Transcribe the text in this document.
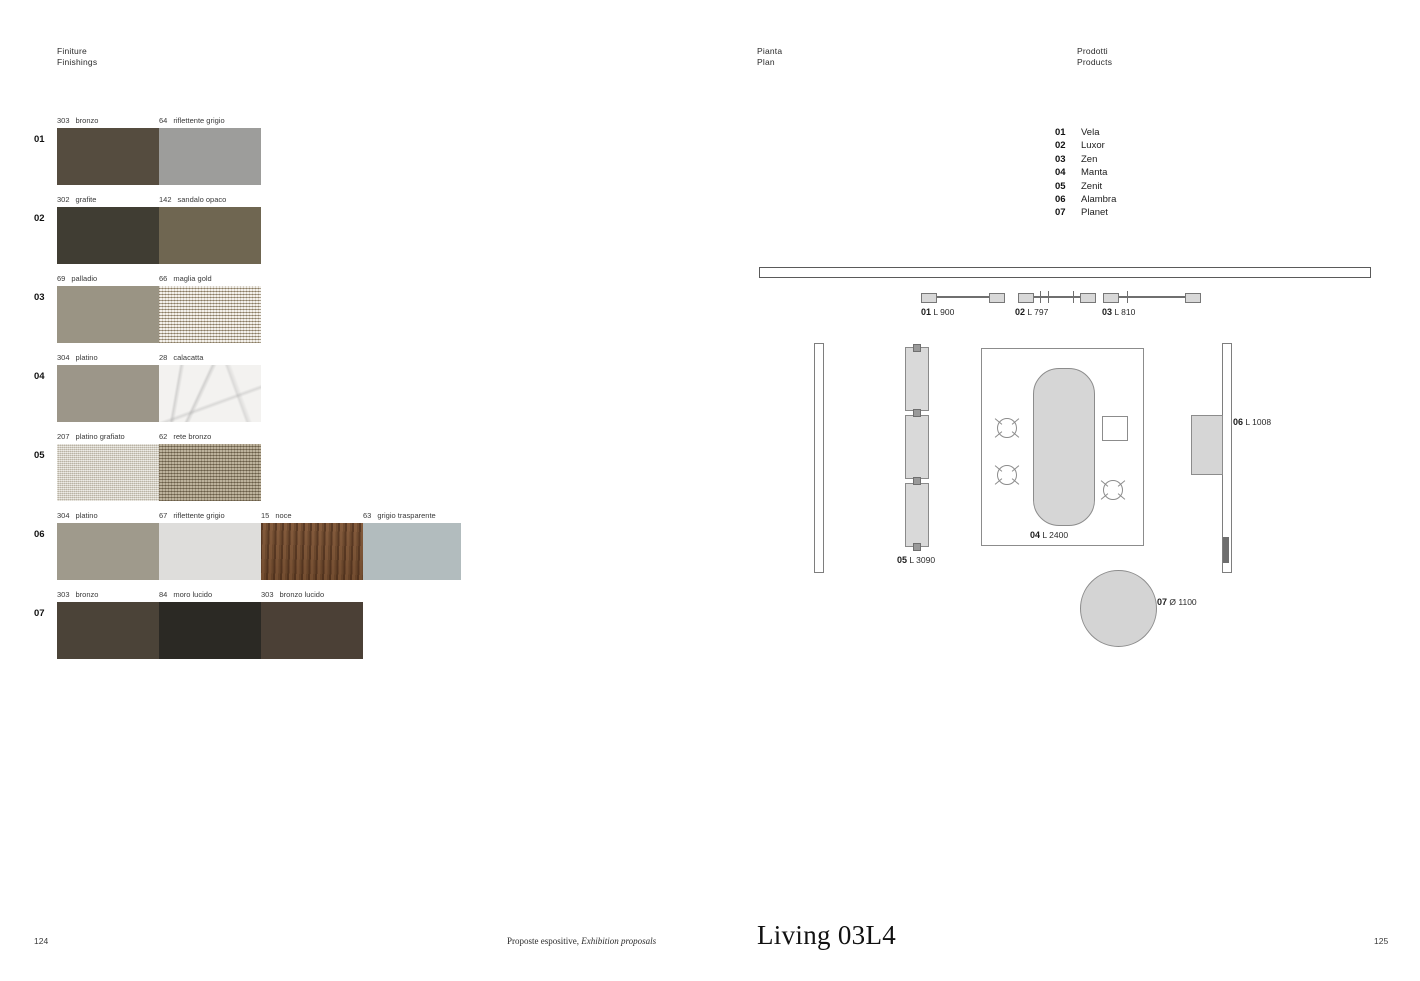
Finiture
Finishings
Pianta
Plan
Prodotti
Products
01
303 bronzo	64 riflettente grigio
02
302 grafite	142 sandalo opaco
03
69 palladio	66 maglia gold
04
304 platino	28 calacatta
05
207 platino grafiato	62 rete bronzo
06
304 platino	67 riflettente grigio	15 noce	63 grigio trasparente
07
303 bronzo	84 moro lucido	303 bronzo lucido
01 Vela
02 Luxor
03 Zen
04 Manta
05 Zenit
06 Alambra
07 Planet
01 L 900	02 L 797	03 L 810
05 L 3090
04 L 2400
06 L 1008
07 Ø 1100
124	125
Proposte espositive, Exhibition proposals	Living 03L4
